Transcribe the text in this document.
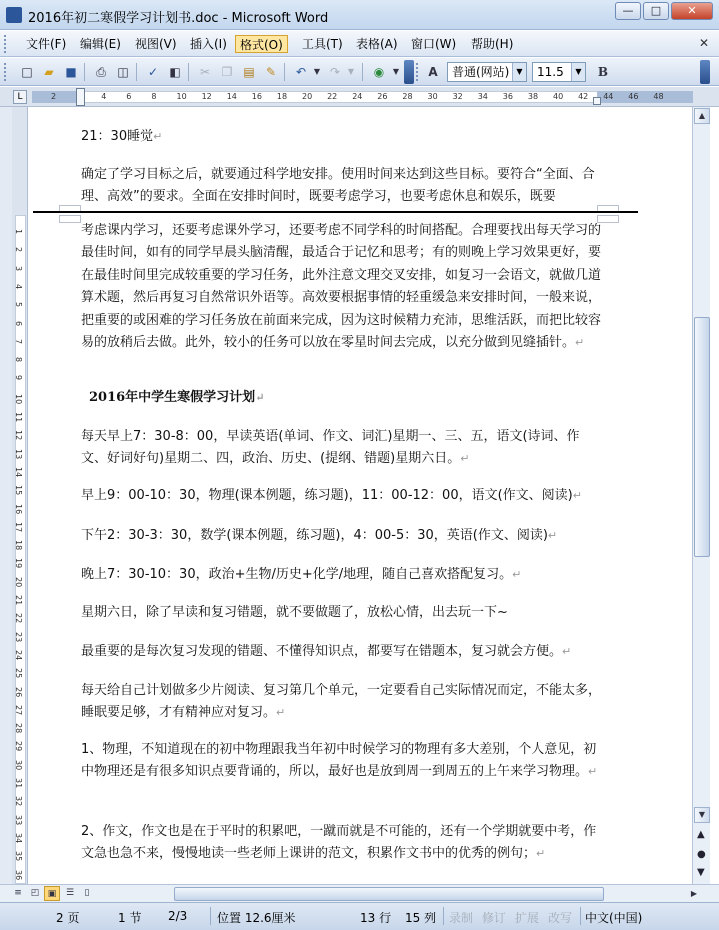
2016年初二寒假学习计划书.doc - Microsoft Word
—	□	✕
文件(F)	编辑(E)	视图(V)	插入(I)	格式(O)	工具(T)	表格(A)	窗口(W)	帮助(H)	✕
□ ▰ ■	⎙ ◫	✓ ◧	✂ ❐ ▤ ✎	↶ ▼ ↷ ▼	◉	▼	A	普通(网站) ▼	11.5	▼	B
L	2	4	6	8	10 12 14 16 18 20 22 24 26 28 30 32 34 36 38 40 42 44 46 48
1
2
3
4
5
6
7
8
9
10
11
12
13
14
15
16
17
18
19
20
21
22
23
24
25
26
27
28
29
30
31
32
33
34
35
36
21：30睡觉↵
确定了学习目标之后，就要通过科学地安排。使用时间来达到这些目标。要符合“全面、合理、高效”的要求。全面在安排时间时，既要考虑学习，也要考虑休息和娱乐，既要
考虑课内学习，还要考虑课外学习，还要考虑不同学科的时间搭配。合理要找出每天学习的最佳时间，如有的同学早晨头脑清醒，最适合于记忆和思考；有的则晚上学习效果更好，要在最佳时间里完成较重要的学习任务，此外注意文理交叉安排，如复习一会语文，就做几道算术题，然后再复习自然常识外语等。高效要根据事情的轻重缓急来安排时间，一般来说，把重要的或困难的学习任务放在前面来完成，因为这时候精力充沛，思维活跃，而把比较容易的放稍后去做。此外，较小的任务可以放在零星时间去完成，以充分做到见缝插针。↵
2016年中学生寒假学习计划↵
每天早上7：30-8：00，早读英语(单词、作文、词汇)星期一、三、五，语文(诗词、作文、好词好句)星期二、四，政治、历史、(提纲、错题)星期六日。↵
早上9：00-10：30，物理(课本例题，练习题)，11：00-12：00，语文(作文、阅读)↵
下午2：30-3：30，数学(课本例题，练习题)，4：00-5：30，英语(作文、阅读)↵
晚上7：30-10：30，政治+生物/历史+化学/地理，随自己喜欢搭配复习。↵
星期六日，除了早读和复习错题，就不要做题了，放松心情，出去玩一下~
最重要的是每次复习发现的错题、不懂得知识点，都要写在错题本，复习就会方便。↵
每天给自己计划做多少片阅读、复习第几个单元，一定要看自己实际情况而定，不能太多，睡眠要足够，才有精神应对复习。↵
1、物理，不知道现在的初中物理跟我当年初中时候学习的物理有多大差别，个人意见，初中物理还是有很多知识点要背诵的，所以，最好也是放到周一到周五的上午来学习物理。↵
2、作文，作文也是在于平时的积累吧，一蹴而就是不可能的，还有一个学期就要中考，作文急也急不来，慢慢地读一些老师上课讲的范文，积累作文书中的优秀的例句；↵
▲
▼
▲
●
▼
≡ ◰ ▣	☰	▯	▶
2 页	1 节 2/3 位置 12.6厘米	13 行 15 列 录制 修订 扩展 改写 中文(中国)
